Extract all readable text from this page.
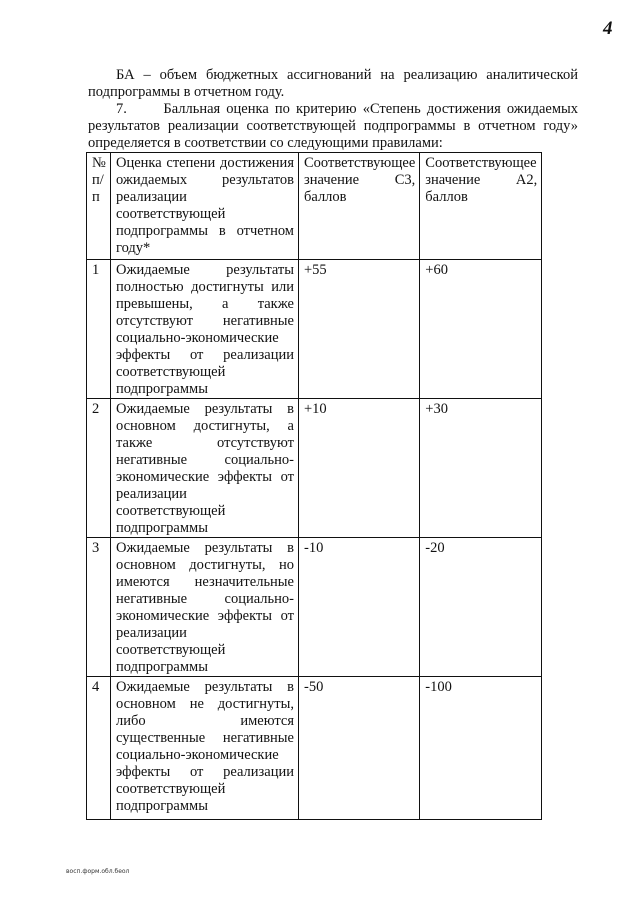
4
БА – объем бюджетных ассигнований на реализацию аналитической подпрограммы в отчетном году.
7.	Балльная оценка по критерию «Степень достижения ожидаемых результатов реализации соответствующей подпрограммы в отчетном году» определяется в соответствии со следующими правилами:
№ п/п	Оценка степени достижения ожидаемых результатов реализации соответствующей подпрограммы в отчетном году*	Соответствующее значение С3, баллов	Соответствующее значение А2, баллов
1	Ожидаемые результаты полностью достигнуты или превышены, а также отсутствуют негативные социально-экономические эффекты от реализации соответствующей подпрограммы	+55	+60
2	Ожидаемые результаты в основном достигнуты, а также отсутствуют негативные социально-экономические эффекты от реализации соответствующей подпрограммы	+10	+30
3	Ожидаемые результаты в основном достигнуты, но имеются незначительные негативные социально-экономические эффекты от реализации соответствующей подпрограммы	-10	-20
4	Ожидаемые результаты в основном не достигнуты, либо имеются существенные негативные социально-экономические эффекты от реализации соответствующей подпрограммы	-50	-100
восп.форм.обл.беол
